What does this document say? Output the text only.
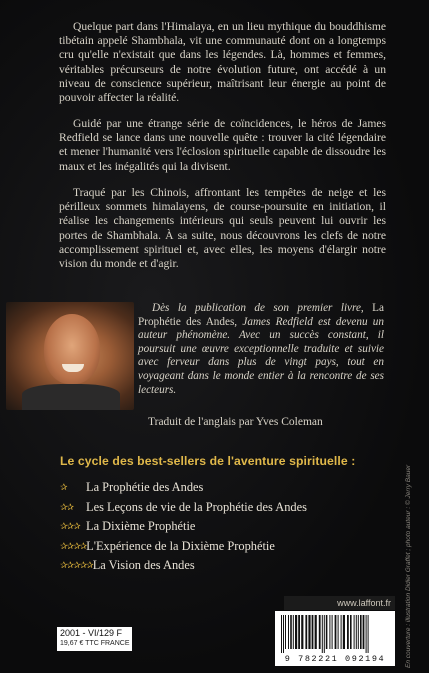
Quelque part dans l'Himalaya, en un lieu mythique du bouddhisme tibétain appelé Shambhala, vit une communauté dont on a longtemps cru qu'elle n'existait que dans les légendes. Là, hommes et femmes, véritables précurseurs de notre évolution future, ont accédé à un niveau de conscience supérieur, maîtrisant leur énergie au point de pouvoir affecter la réalité.

Guidé par une étrange série de coïncidences, le héros de James Redfield se lance dans une nouvelle quête : trouver la cité légendaire et mener l'humanité vers l'éclosion spirituelle capable de dissoudre les maux et les inégalités qui la divisent.

Traqué par les Chinois, affrontant les tempêtes de neige et les périlleux sommets himalayens, de course-poursuite en initiation, il réalise les changements intérieurs qui seuls peuvent lui ouvrir les portes de Shambhala. À sa suite, nous découvrons les clefs de notre accomplissement spirituel et, avec elles, les moyens d'élargir notre vision du monde et d'agir.

Dès la publication de son premier livre, La Prophétie des Andes, James Redfield est devenu un auteur phénomène. Avec un succès constant, il poursuit une œuvre exceptionnelle traduite et suivie avec ferveur dans plus de vingt pays, tout en voyageant dans le monde entier à la rencontre de ses lecteurs.

Traduit de l'anglais par Yves Coleman
Le cycle des best-sellers de l'aventure spirituelle :
✰	La Prophétie des Andes
✰✰	Les Leçons de vie de la Prophétie des Andes
✰✰✰ La Dixième Prophétie
✰✰✰✰ L'Expérience de la Dixième Prophétie
✰✰✰✰✰ La Vision des Andes
2001 - VI/129 F
19,67 € TTC FRANCE
www.laffont.fr
9 782221 092194	En couverture : illustration Didier Graffet ; photo auteur : © Jerry Bauer
